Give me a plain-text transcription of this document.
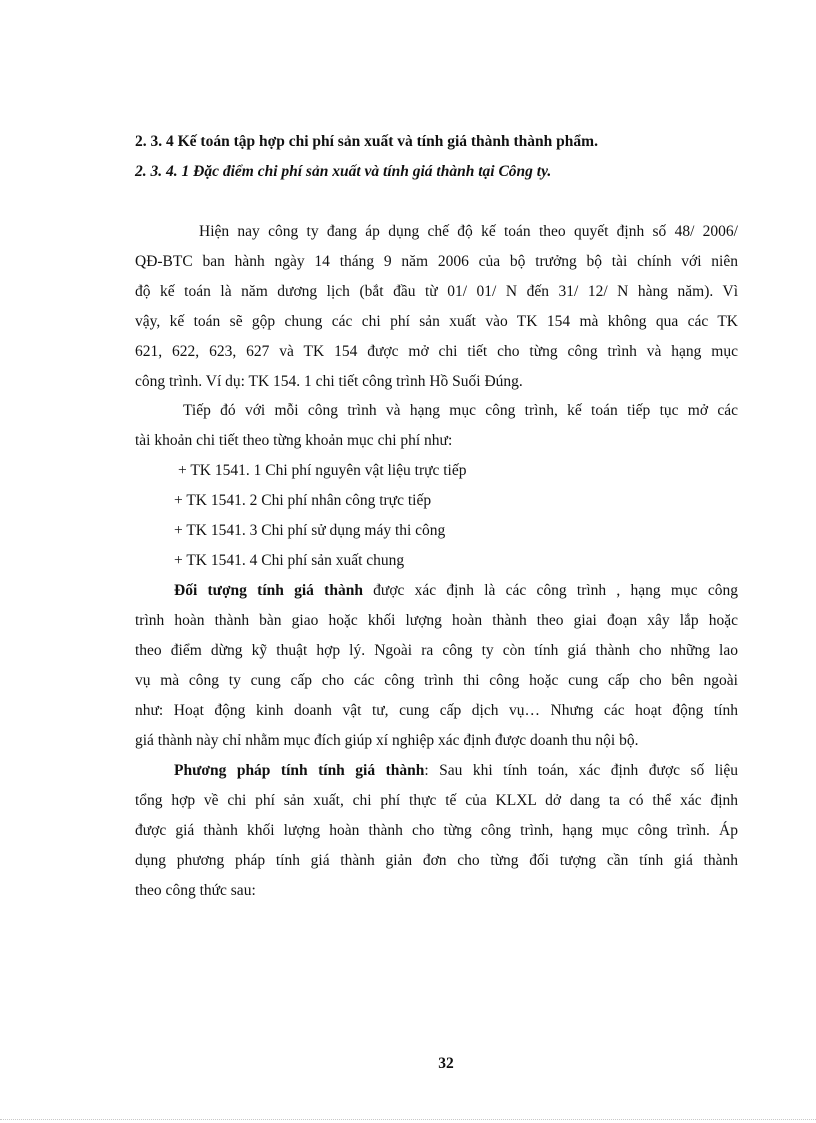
2. 3. 4 Kế toán tập hợp chi phí sản xuất và tính giá thành thành phẩm.
2. 3. 4. 1 Đặc điểm chi phí sản xuất và tính giá thành tại Công ty.
Hiện nay công ty đang áp dụng chế độ kế toán theo quyết định số 48/ 2006/
QĐ-BTC ban hành ngày 14 tháng 9 năm 2006 của bộ trưởng bộ tài chính với niên
độ kế toán là năm dương lịch (bắt đầu từ 01/ 01/ N đến 31/ 12/ N hàng năm). Vì
vậy, kế toán sẽ gộp chung các chi phí sản xuất vào TK 154 mà không qua các TK
621, 622, 623, 627 và TK 154 được mở chi tiết cho từng công trình và hạng mục
công trình. Ví dụ: TK 154. 1 chi tiết công trình Hồ Suối Đúng.
Tiếp đó với mỗi công trình và hạng mục công trình, kế toán tiếp tục mở các
tài khoản chi tiết theo từng khoản mục chi phí như:
+ TK 1541. 1 Chi phí nguyên vật liệu trực tiếp
+ TK 1541. 2 Chi phí nhân công trực tiếp
+ TK 1541. 3 Chi phí sử dụng máy thi công
+ TK 1541. 4 Chi phí sản xuất chung
Đối tượng tính giá thành được xác định là các công trình , hạng mục công
trình hoàn thành bàn giao hoặc khối lượng hoàn thành theo giai đoạn xây lắp hoặc
theo điểm dừng kỹ thuật hợp lý. Ngoài ra công ty còn tính giá thành cho những lao
vụ mà công ty cung cấp cho các công trình thi công hoặc cung cấp cho bên ngoài
như: Hoạt động kinh doanh vật tư, cung cấp dịch vụ… Nhưng các hoạt động tính
giá thành này chỉ nhằm mục đích giúp xí nghiệp xác định được doanh thu nội bộ.
Phương pháp tính tính giá thành: Sau khi tính toán, xác định được số liệu
tổng hợp về chi phí sản xuất, chi phí thực tế của KLXL dở dang ta có thể xác định
được giá thành khối lượng hoàn thành cho từng công trình, hạng mục công trình. Áp
dụng phương pháp tính giá thành giản đơn cho từng đối tượng cần tính giá thành
theo công thức sau:
32
